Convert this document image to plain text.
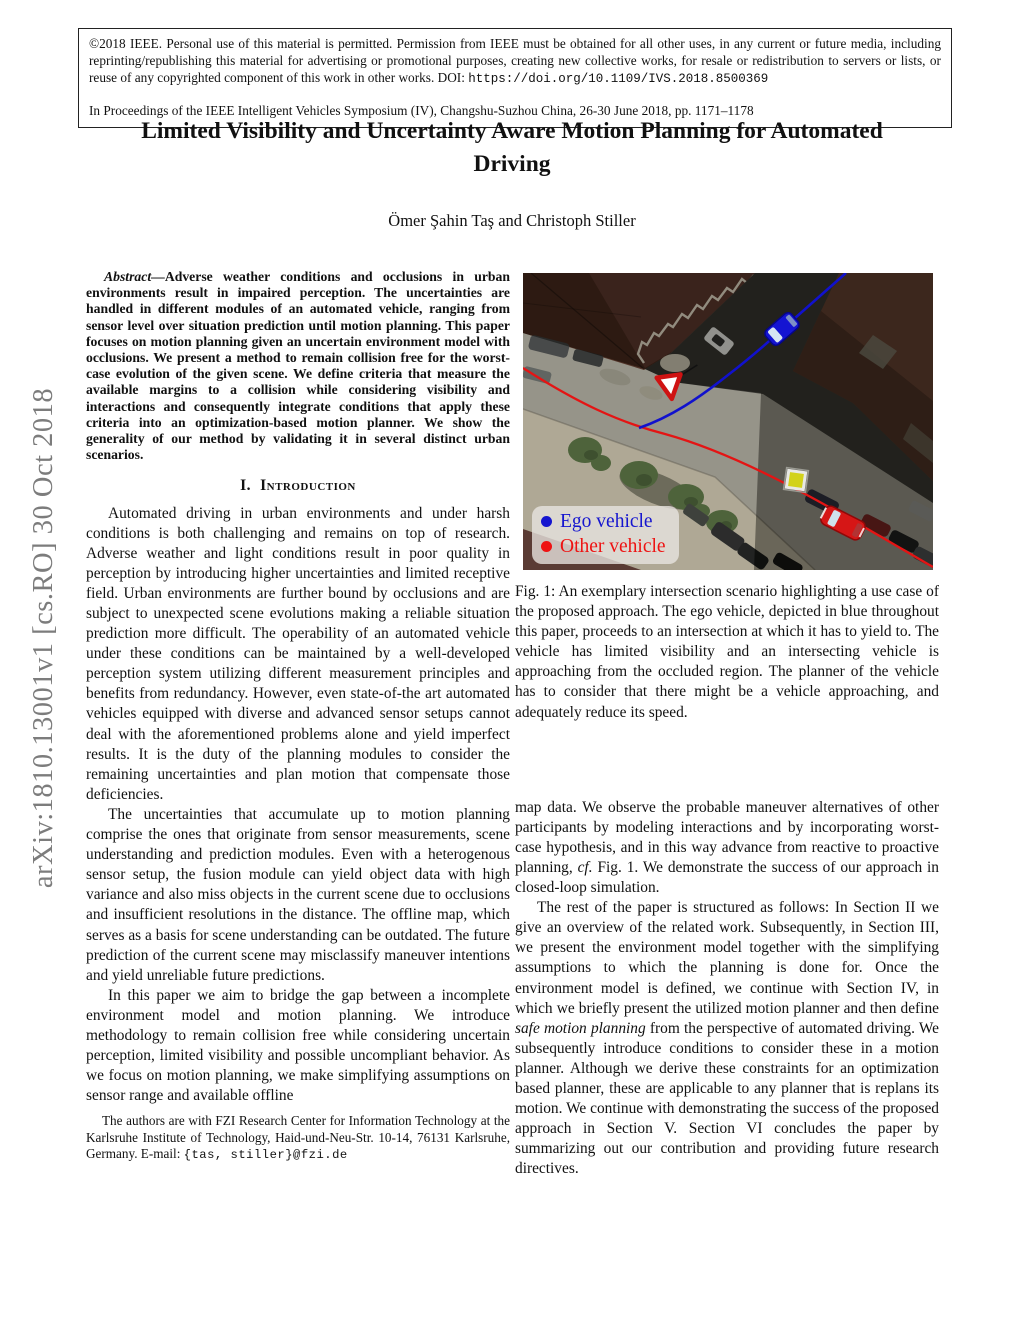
arXiv:1810.13001v1 [cs.RO] 30 Oct 2018

©2018 IEEE. Personal use of this material is permitted. Permission from IEEE must be obtained for all other uses, in any current or future media, including reprinting/republishing this material for advertising or promotional purposes, creating new collective works, for resale or redistribution to servers or lists, or reuse of any copyrighted component of this work in other works. DOI: https://doi.org/10.1109/IVS.2018.8500369

In Proceedings of the IEEE Intelligent Vehicles Symposium (IV), Changshu-Suzhou China, 26-30 June 2018, pp. 1171–1178

Limited Visibility and Uncertainty Aware Motion Planning for Automated Driving
Ömer Şahin Taş and Christoph Stiller

Abstract—Adverse weather conditions and occlusions in urban environments result in impaired perception. The uncertainties are handled in different modules of an automated vehicle, ranging from sensor level over situation prediction until motion planning. This paper focuses on motion planning given an uncertain environment model with occlusions. We present a method to remain collision free for the worst-case evolution of the given scene. We define criteria that measure the available margins to a collision while considering visibility and interactions and consequently integrate conditions that apply these criteria into an optimization-based motion planner. We show the generality of our method by validating it in several distinct urban scenarios.

I. Introduction

Automated driving in urban environments and under harsh conditions is both challenging and remains on top of research. Adverse weather and light conditions result in poor quality in perception by introducing higher uncertainties and limited receptive field. Urban environments are further bound by occlusions and are subject to unexpected scene evolutions making a reliable situation prediction more difficult. The operability of an automated vehicle under these conditions can be maintained by a well-developed perception system utilizing different measurement principles and benefits from redundancy. However, even state-of-the art automated vehicles equipped with diverse and advanced sensor setups cannot deal with the aforementioned problems alone and yield imperfect results. It is the duty of the planning modules to consider the remaining uncertainties and plan motion that compensate those deficiencies.

The uncertainties that accumulate up to motion planning comprise the ones that originate from sensor measurements, scene understanding and prediction modules. Even with a heterogenous sensor setup, the fusion module can yield object data with high variance and also miss objects in the current scene due to occlusions and insufficient resolutions in the distance. The offline map, which serves as a basis for scene understanding can be outdated. The future prediction of the current scene may misclassify maneuver intentions and yield unreliable future predictions.

In this paper we aim to bridge the gap between a incomplete environment model and motion planning. We introduce methodology to remain collision free while considering uncertain perception, limited visibility and possible uncompliant behavior. As we focus on motion planning, we make simplifying assumptions on sensor range and available offline

The authors are with FZI Research Center for Information Technology at the Karlsruhe Institute of Technology, Haid-und-Neu-Str. 10-14, 76131 Karlsruhe, Germany. E-mail: {tas, stiller}@fzi.de

Ego vehicle
Other vehicle

Fig. 1: An exemplary intersection scenario highlighting a use case of the proposed approach. The ego vehicle, depicted in blue throughout this paper, proceeds to an intersection at which it has to yield to. The vehicle has limited visibility and an intersecting vehicle is approaching from the occluded region. The planner of the vehicle has to consider that there might be a vehicle approaching, and adequately reduce its speed.

map data. We observe the probable maneuver alternatives of other participants by modeling interactions and by incorporating worst-case hypothesis, and in this way advance from reactive to proactive planning, cf. Fig. 1. We demonstrate the success of our approach in closed-loop simulation.

The rest of the paper is structured as follows: In Section II we give an overview of the related work. Subsequently, in Section III, we present the environment model together with the simplifying assumptions to which the planning is done for. Once the environment model is defined, we continue with Section IV, in which we briefly present the utilized motion planner and then define safe motion planning from the perspective of automated driving. We subsequently introduce conditions to consider these in a motion planner. Although we derive these constraints for an optimization based planner, these are applicable to any planner that is replans its motion. We continue with demonstrating the success of the proposed approach in Section V. Section VI concludes the paper by summarizing out our contribution and providing future research directives.
